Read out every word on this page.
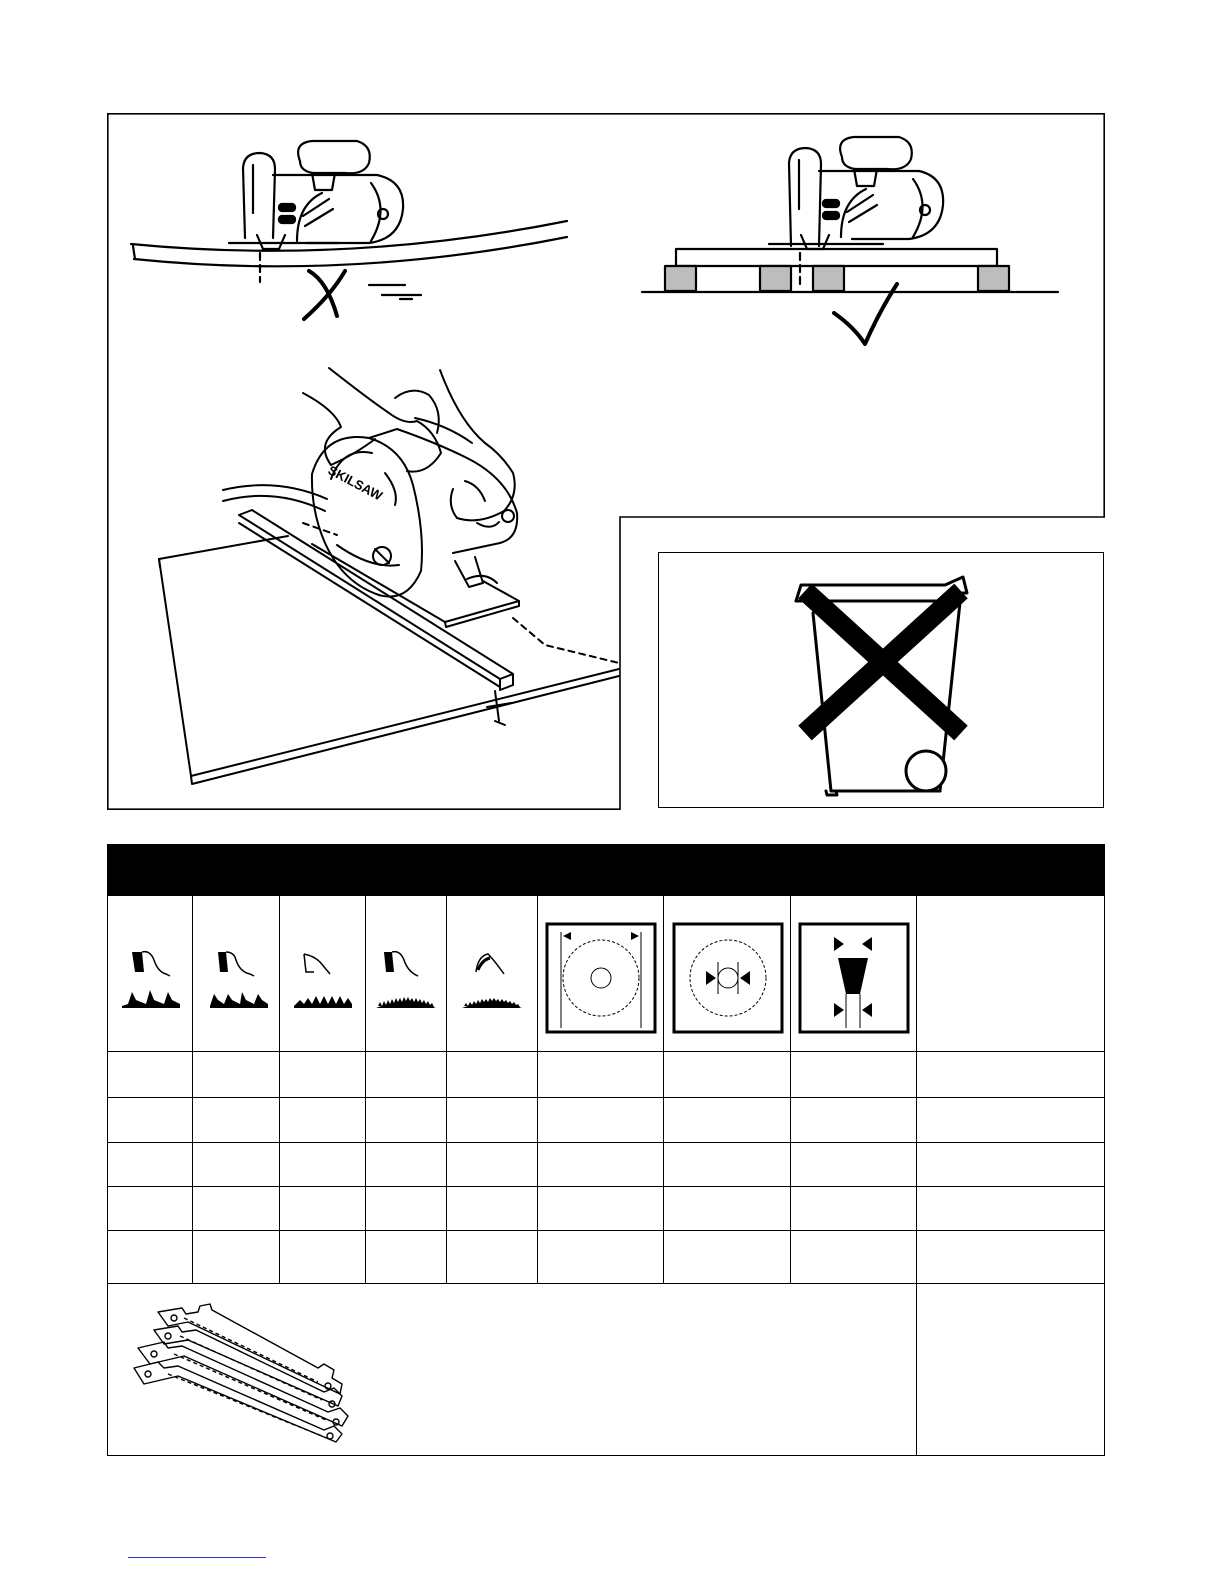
SKILSAW
